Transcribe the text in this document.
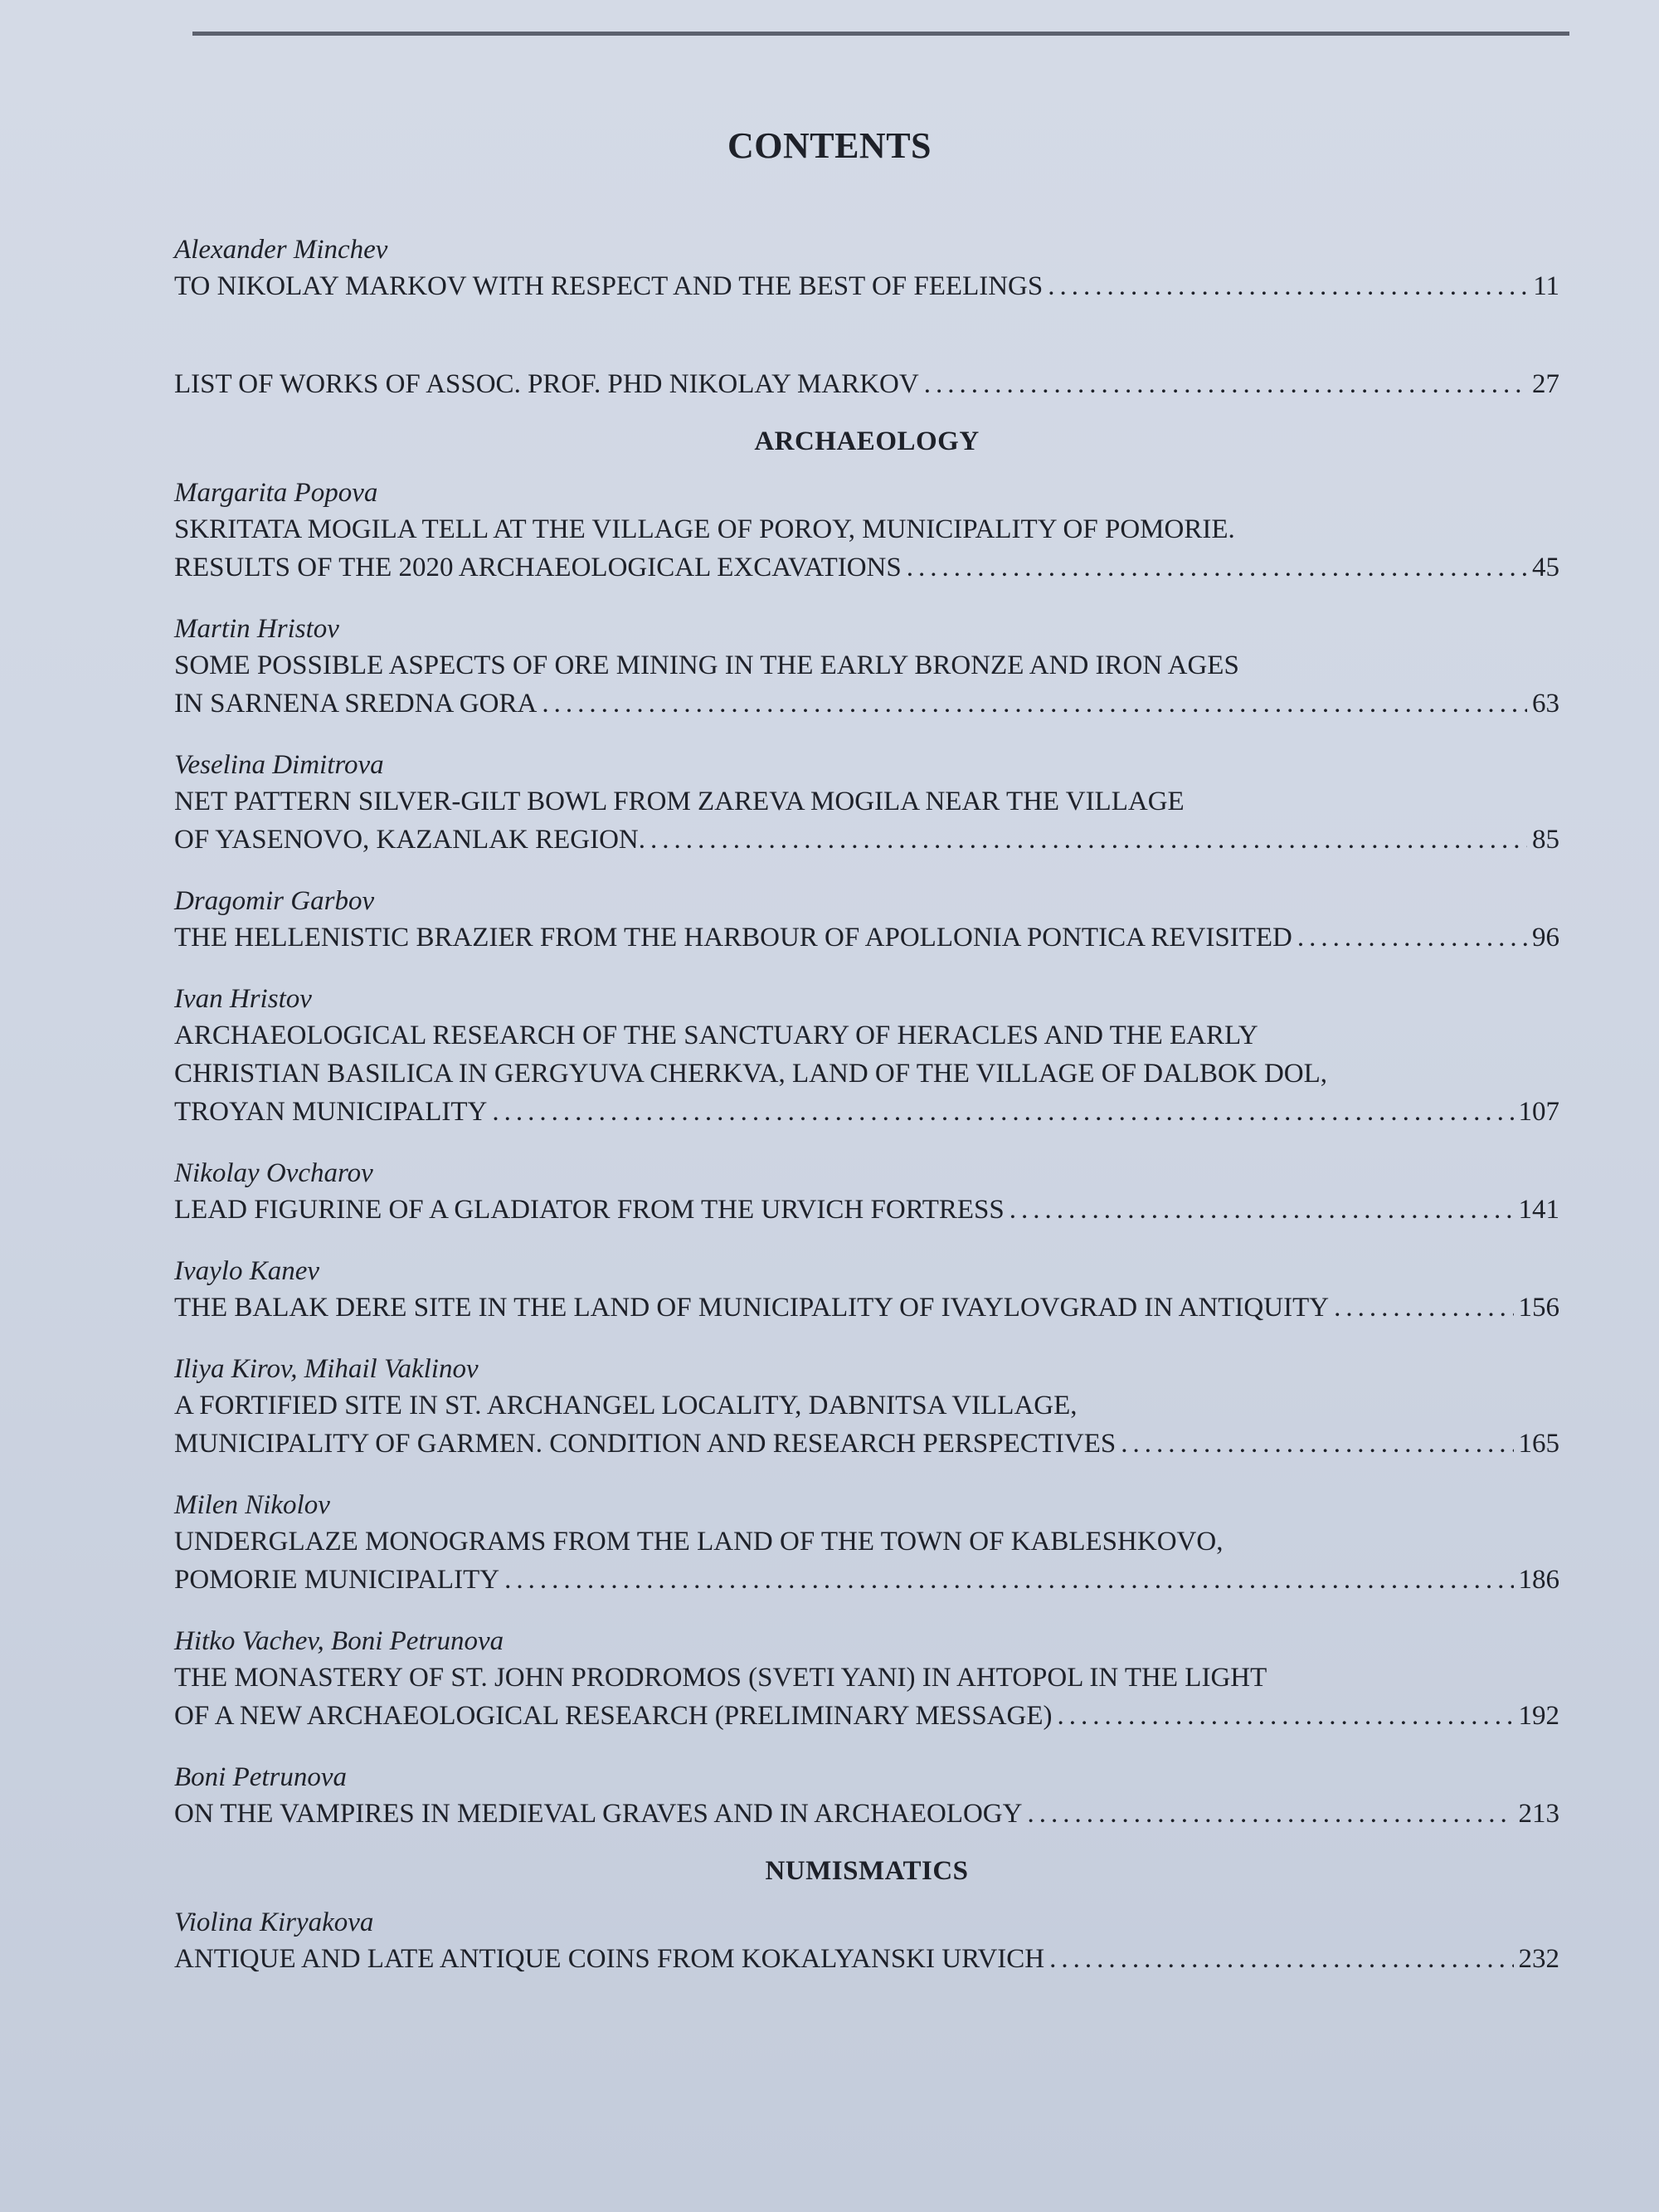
CONTENTS
Alexander Minchev
TO NIKOLAY MARKOV WITH RESPECT AND THE BEST OF FEELINGS .....	11
LIST OF WORKS OF ASSOC. PROF. PHD NIKOLAY MARKOV .....	27
ARCHAEOLOGY
Margarita Popova
SKRITATA MOGILA TELL AT THE VILLAGE OF POROY, MUNICIPALITY OF POMORIE.
RESULTS OF THE 2020 ARCHAEOLOGICAL EXCAVATIONS .....	45
Martin Hristov
SOME POSSIBLE ASPECTS OF ORE MINING IN THE EARLY BRONZE AND IRON AGES
IN SARNENA SREDNA GORA .....	63
Veselina Dimitrova
NET PATTERN SILVER-GILT BOWL FROM ZAREVA MOGILA NEAR THE VILLAGE
OF YASENOVO, KAZANLAK REGION. .....	85
Dragomir Garbov
THE HELLENISTIC BRAZIER FROM THE HARBOUR OF APOLLONIA PONTICA REVISITED .....	96
Ivan Hristov
ARCHAEOLOGICAL RESEARCH OF THE SANCTUARY OF HERACLES AND THE EARLY
CHRISTIAN BASILICA IN GERGYUVA CHERKVA, LAND OF THE VILLAGE OF DALBOK DOL,
TROYAN MUNICIPALITY .....	107
Nikolay Ovcharov
LEAD FIGURINE OF A GLADIATOR FROM THE URVICH FORTRESS .....	141
Ivaylo Kanev
THE BALAK DERE SITE IN THE LAND OF MUNICIPALITY OF IVAYLOVGRAD IN ANTIQUITY .....	156
Iliya Kirov, Mihail Vaklinov
A FORTIFIED SITE IN ST. ARCHANGEL LOCALITY, DABNITSA VILLAGE,
MUNICIPALITY OF GARMEN. CONDITION AND RESEARCH PERSPECTIVES .....	165
Milen Nikolov
UNDERGLAZE MONOGRAMS FROM THE LAND OF THE TOWN OF KABLESHKOVO,
POMORIE MUNICIPALITY .....	186
Hitko Vachev, Boni Petrunova
THE MONASTERY OF ST. JOHN PRODROMOS (SVETI YANI) IN AHTOPOL IN THE LIGHT
OF A NEW ARCHAEOLOGICAL RESEARCH (PRELIMINARY MESSAGE) .....	192
Boni Petrunova
ON THE VAMPIRES IN MEDIEVAL GRAVES AND IN ARCHAEOLOGY .....	213
NUMISMATICS
Violina Kiryakova
ANTIQUE AND LATE ANTIQUE COINS FROM KOKALYANSKI URVICH .....	232
